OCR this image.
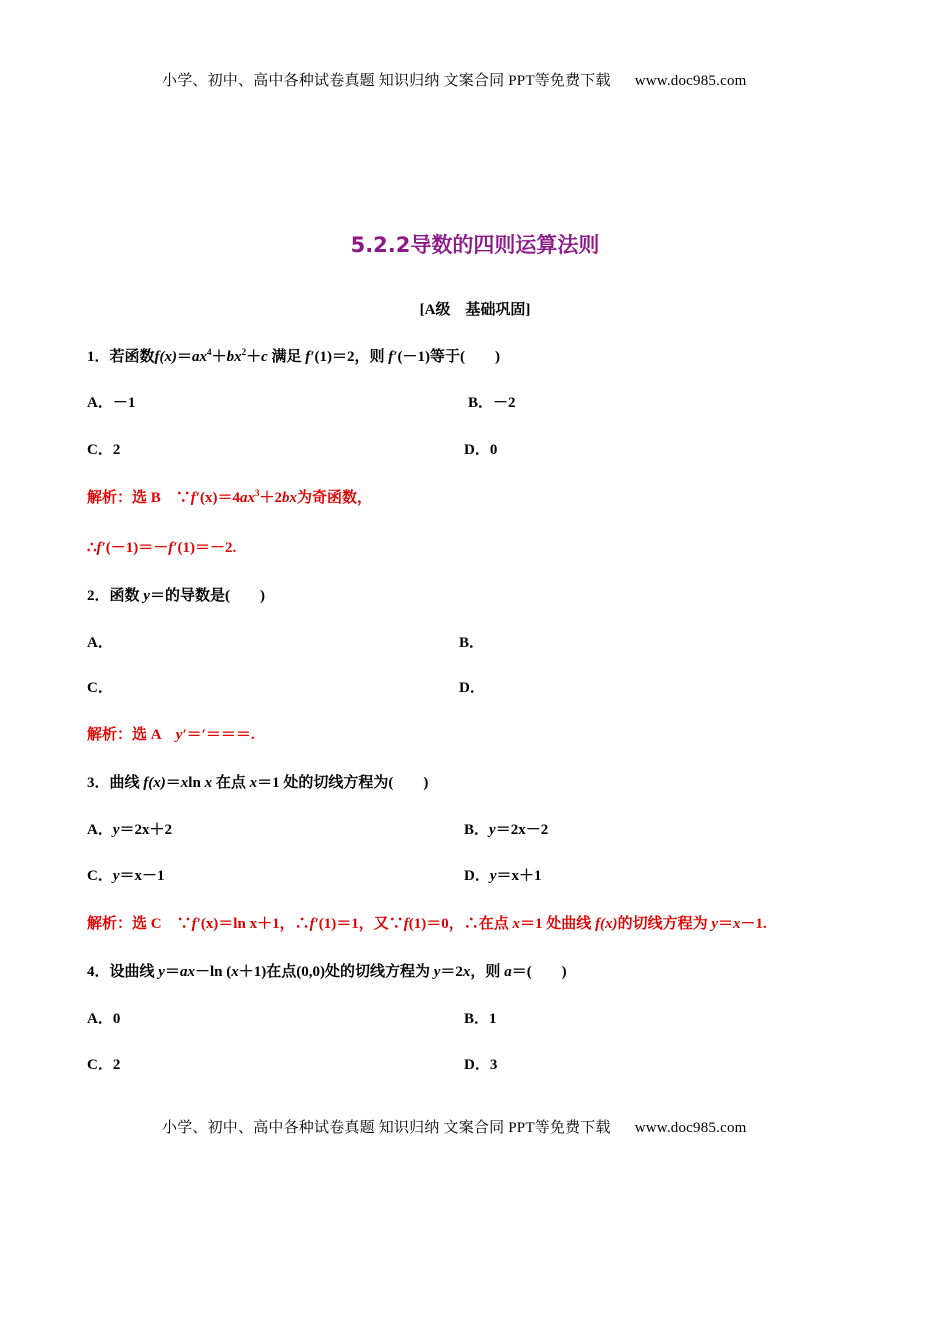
小学、初中、高中各种试卷真题 知识归纳 文案合同 PPT等免费下载 www.doc985.com
5.2.2导数的四则运算法则
[A级　基础巩固]
1．若函数$f(x)=ax^4+bx^2+c$ 满足 f′(1)＝2，则 f′(－1)等于(　　)
A．－1	B．－2
C．2	D．0
解析：选 B　$\because f'(x)=4ax^3+2bx$为奇函数，
∴f′(－1)＝－f′(1)＝－2.
2．函数 y＝的导数是(　　)
A．	B．
C．	D．
解析：选 A　y′＝′＝＝＝.
3．曲线 f(x)＝xln x 在点 x＝1 处的切线方程为(　　)
A．y＝2x＋2	B．y＝2x－2
C．y＝x－1	D．y＝x＋1
解析：选 C　∵f′(x)＝ln x＋1，∴f′(1)＝1，又∵f(1)＝0，∴在点 x＝1 处曲线 f(x)的切线方程为 y＝x－1.
4．设曲线 y＝ax－ln (x＋1)在点(0,0)处的切线方程为 y＝2x，则 a＝(　　)
A．0	B．1
C．2	D．3
小学、初中、高中各种试卷真题 知识归纳 文案合同 PPT等免费下载 www.doc985.com
